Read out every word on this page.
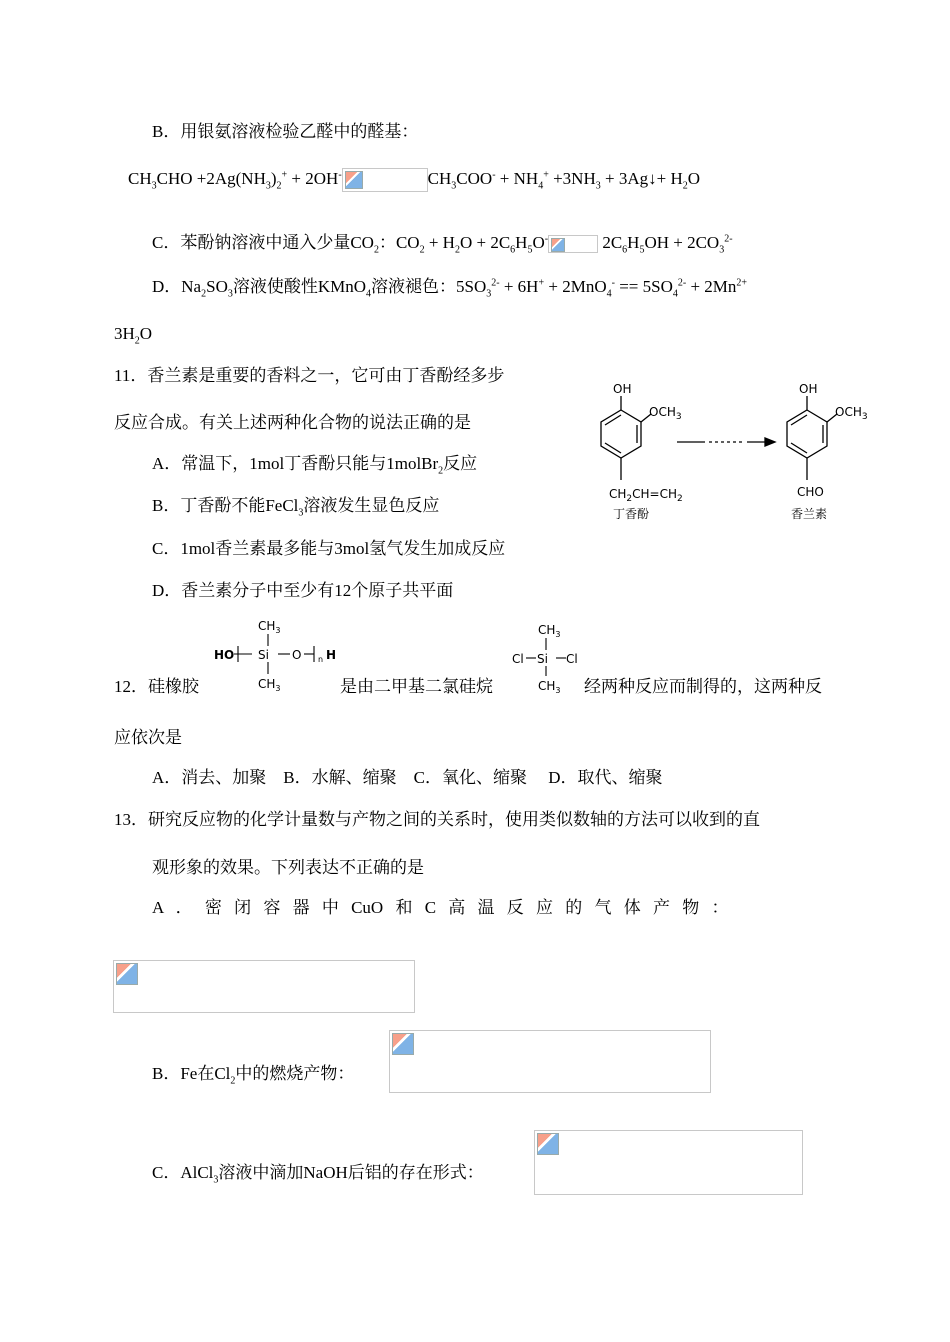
B．用银氨溶液检验乙醛中的醛基：
$CH_3CHO +2Ag(NH_3)_2^+ + 2OH^-$	$CH_3COO^- + NH_4^+ +3NH_3$ + 3Ag↓+ $H_2O$
C．苯酚钠溶液中通入少量$CO_2$：$CO_2 + H_2O + 2C_6H_5O^-$	$2C_6H_5OH + 2CO_3^{2-}$
D．$Na_2SO_3$溶液使酸性KMnO$_4$溶液褪色：$5SO_3^{2-} + 6H^+ + 2MnO_4^- == 5SO_4^{2-} + 2Mn^{2+}$
$3H_2O$
11．香兰素是重要的香料之一，它可由丁香酚经多步
反应合成。有关上述两种化合物的说法正确的是
A．常温下，1mol丁香酚只能与1molBr$_2$反应
B．丁香酚不能FeCl$_3$溶液发生显色反应
C．1mol香兰素最多能与3mol氢气发生加成反应
D．香兰素分子中至少有12个原子共平面
OH
$OCH_3$
$CH_2CH=CH_2$
丁香酚
OH
$OCH_3$
CHO
香兰素
12．硅橡胶
$CH_3$
HO Si O n H
$CH_3$	是由二甲基二氯硅烷
$CH_3$
Cl Si Cl
$CH_3$ 经两种反应而制得的，这两种反
应依次是
A．消去、加聚　B．水解、缩聚　C．氧化、缩聚　 D．取代、缩聚
13．研究反应物的化学计量数与产物之间的关系时，使用类似数轴的方法可以收到的直
观形象的效果。下列表达不正确的是
A ． 密 闭 容 器 中 CuO 和 C 高 温 反 应 的 气 体 产 物 ：
B．Fe在$Cl_2$中的燃烧产物：
C．AlCl$_3$溶液中滴加NaOH后铝的存在形式：
